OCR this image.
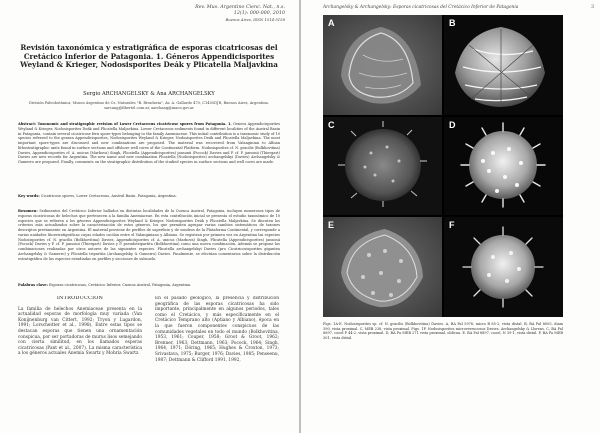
Rev. Mus. Argentino Cienc. Nat., n.s.
12(1): 000-000, 2010
Buenos Aires, ISSN 1514-5158
Revisión taxonómica y estratigráfica de esporas cicatricosas del Cretácico Inferior de Patagonia. 1. Géneros Appendicisporites Weyland & Krieger, Nodosisporites Deák y Plicatella Maljavkina
Sergio ARCHANGELSKY & Ana ARCHANGELSKY
División Paleobotánica, Museo Argentino de Cs. Naturales "B. Rivadavia", Av. A. Gallardo 470, C1405DJR, Buenos Aires, Argentina. sarcang@fibertel.com.ar, aarchang@macn.gov.ar
Abstract: Taxonomic and stratigraphic revision of Lower Cretaceous cicatricose spores from Patagonia. 1. Genera Appendicisporites Weyland & Krieger, Nodosisporites Deák and Plicatella Maljavkina. Lower Cretaceous sediments found in different localities of the Austral Basin in Patagonia, contain several cicatricose fern spore-types belonging to the family Anemiaceae. This initial contribution is a taxonomic study of 10 species referred to the genera Appendicisporites, Nodosisporites Weyland & Krieger, Nodosisporites Deák and Plicatella Maljavkina. The most important spore-types are discussed and new combinations are proposed. The material was recovered from Valanginian to Albian lithostratigraphic units found in surface sections and offshore well cores of the Continental Platform. Nodosisporites cf. N. gracilis (Bolkhovitina) Davies, Appendicisporites cf. A. unicus (Markova) Singh, Plicatella (Appendicisporites) jansonii (Pocock) Davies and P. cf. P. jansonii (Thiergart) Davies are new records for Argentina. The new name and new combination Plicatella (Nodosisporites) archangelskyi (Davies) Archangelsky & Gamerro are proposed. Finally, comments on the stratigraphic distribution of the studied species in surface sections and well cores are made.
Key words: Cicatricose spores, Lower Cretaceous, Austral Basin, Patagonia, Argentina.
Resumen: Sedimentos del Cretácico Inferior hallados en distintas localidades de la Cuenca Austral, Patagonia, incluyen numerosos tipos de esporas cicatricosas de helechos que pertenecen a la familia Anemiaceae. En esta contribución inicial se presenta el estudio taxonómico de 10 especies que se refieren a los géneros Appendicisporites Weyland & Krieger, Nodosisporites Deák y Plicatella Maljavkina. Se discuten los criterios más actualizados sobre la caracterización de estos géneros, los que permiten agrupar varias cambios sistemáticos de taxones descriptos previamente en Argentina. El material proviene de perfiles de superficie y de sondeos de la Plataforma Continental, y corresponde a varias unidades litoestratigráficas cuyas edades oscilan entre el Valanginiano y Albiano. Se registran por primera vez en Argentina las especies Nodosisporites cf. N. gracilis (Bolkhovitina) Davies, Appendicisporites cf. A. unicus (Markova) Singh, Plicatella (Appendicisporites) jansonii (Pocock) Davies y P. cf. P. jansonii (Thiergart) Davies y P. pseudotripartita (Bolkhovitina) como una nueva combinación. Además se propone las combinaciones realizadas por otros autores de las siguientes especies. Plicatella archangelskyi Davies (pro Cicatricosisporites gigantea Archangelsky & Gamerro) y Plicatella tripartita (Archangelsky & Gamerro) Davies. Finalmente, se efectúan comentarios sobre la distribución estratigráfica de las especies estudiadas en perfiles y secciones de subsuelo.
Palabras clave: Esporas cicatricosas, Cretácico Inferior, Cuenca Austral, Patagonia, Argentina.
INTRODUCCIÓN
La familia de helechos Anemiaceae presenta en la actualidad esporas de morfología muy variada (Van Konijnenburg van Cittert, 1992; Tryon y Lugardon, 1991; Lorscheitter et al., 1998). Entre estas tipos se destacan esporas que tienen una ornamentación conspicua, por ser portadoras de murus lisos semejando con cierta similitud, en los llamados esporas cicatricosas (Pant et al., 2007). La misma característica a los géneros actuales Anemia Swartz y Mohria Swartz.
En el pasado geológico, la presencia y distribución geográfica de las esporas cicatricosas ha sido importante, principalmente en algunos periodos, tales como el Cretácico, y más específicamente en el Cretácico Temprano alto (Aptiano y Albiano), época en la que fueron componentes conspicuos de las comunidades vegetales en todo el mundo (Bolkhovitina, 1953, 1961; Couper, 1958; Groot & Groot, 1962; Brenner, 1963; Dettmann, 1963; Pocock, 1964; Singh, 1964, 1971; Döring, 1965; Hughes & Croxton, 1973; Srivastava, 1975; Burger, 1976; Davies, 1985; Penseenu, 1987; Dettmann & Clifford 1991, 1992,
Archangelsky & Archangelsky: Esporas cicatricosas del Cretácico Inferior de Patagonia	3
A	B
C	D
E	F
Figs. 1A-E. Nodosisporites sp. cf. N. gracilis (Bolkhovitina) Davies. A, BA Pal 5976, micro B 85-2, vista distal. B, BA Pal 8005, diam 390, vista proximal. C, MEB 238, vista proximal. Figs. 1F. Nodosisporites microverrucosus Davies. Archangelsky & Llorens. C, BA Pal 8897, cooel P 44-2, vista proximal. D, BA Pa MEB 271 vista proximal, oblicua. E, BA Pal 8897, cooel, N 39-1, vista distal. F, BA Pa MEB 301, vista distal.
